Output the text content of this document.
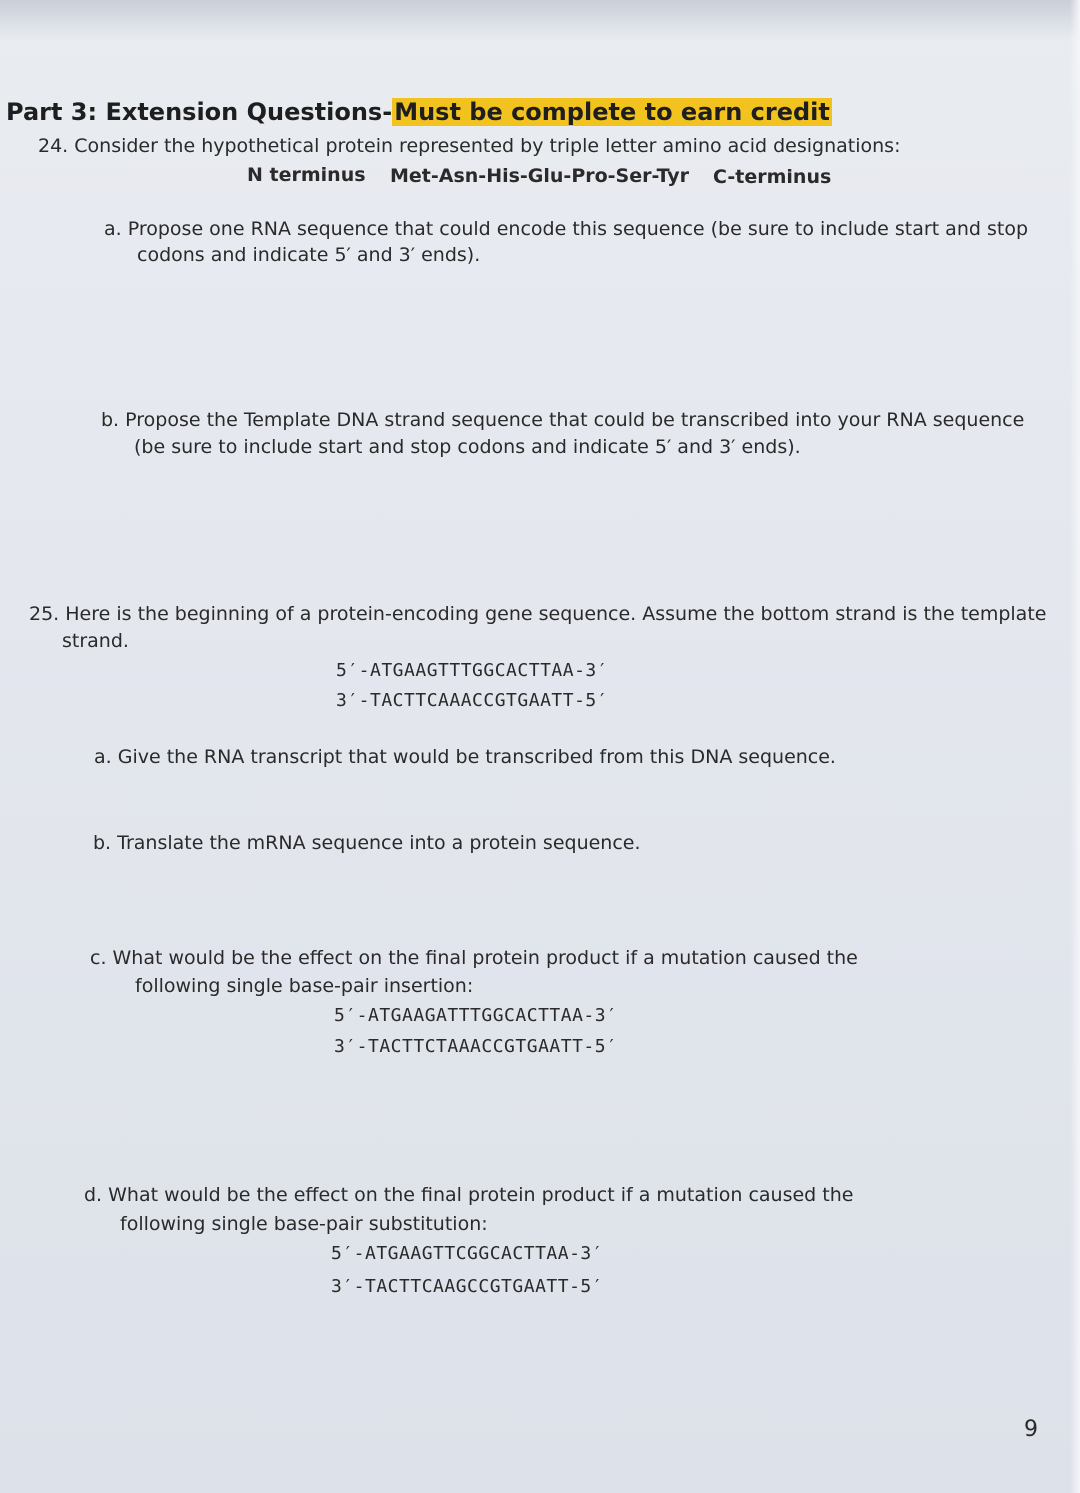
Part 3: Extension Questions-Must be complete to earn credit
24. Consider the hypothetical protein represented by triple letter amino acid designations:
N terminus Met-Asn-His-Glu-Pro-Ser-Tyr C-terminus
a. Propose one RNA sequence that could encode this sequence (be sure to include start and stop
codons and indicate 5′ and 3′ ends).
b. Propose the Template DNA strand sequence that could be transcribed into your RNA sequence
(be sure to include start and stop codons and indicate 5′ and 3′ ends).
25. Here is the beginning of a protein-encoding gene sequence. Assume the bottom strand is the template
strand.
5′-ATGAAGTTTGGCACTTAA-3′
3′-TACTTCAAACCGTGAATT-5′
a. Give the RNA transcript that would be transcribed from this DNA sequence.
b. Translate the mRNA sequence into a protein sequence.
c. What would be the effect on the final protein product if a mutation caused the
following single base-pair insertion:
5′-ATGAAGATTTGGCACTTAA-3′
3′-TACTTCTAAACCGTGAATT-5′
d. What would be the effect on the final protein product if a mutation caused the
following single base-pair substitution:
5′-ATGAAGTTCGGCACTTAA-3′
3′-TACTTCAAGCCGTGAATT-5′
9
